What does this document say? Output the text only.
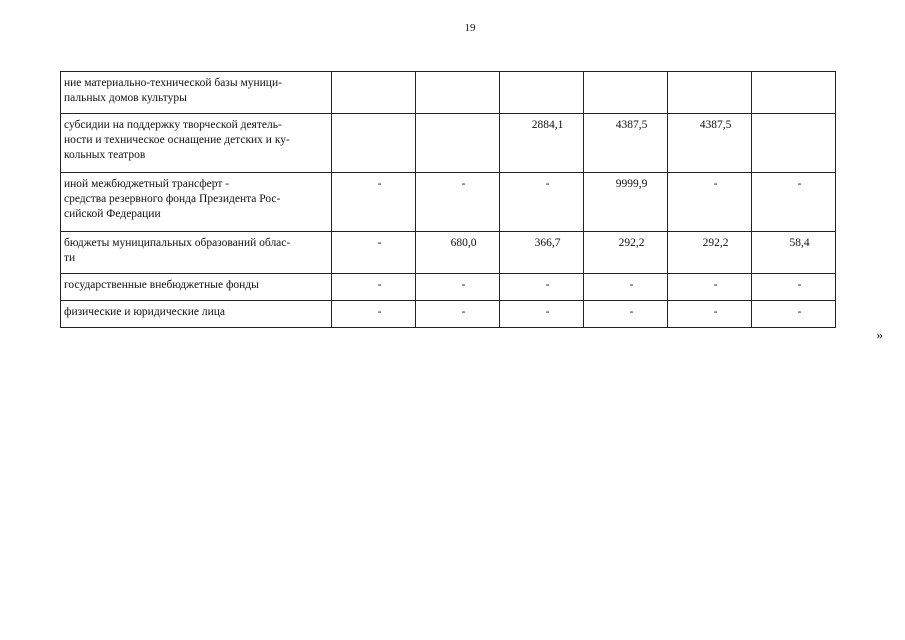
19
ние материально-технической базы муници-
пальных домов культуры						
субсидии на поддержку творческой деятель-
ности и техническое оснащение детских и ку-
кольных театров			2884,1	4387,5	4387,5	
иной межбюджетный трансферт -
средства резервного фонда Президента Рос-
сийской Федерации	-	-	-	9999,9	-	-
бюджеты муниципальных образований облас-
ти	-	680,0	366,7	292,2	292,2	58,4
государственные внебюджетные фонды	-	-	-	-	-	-
физические и юридические лица	-	-	-	-	-	-
»
